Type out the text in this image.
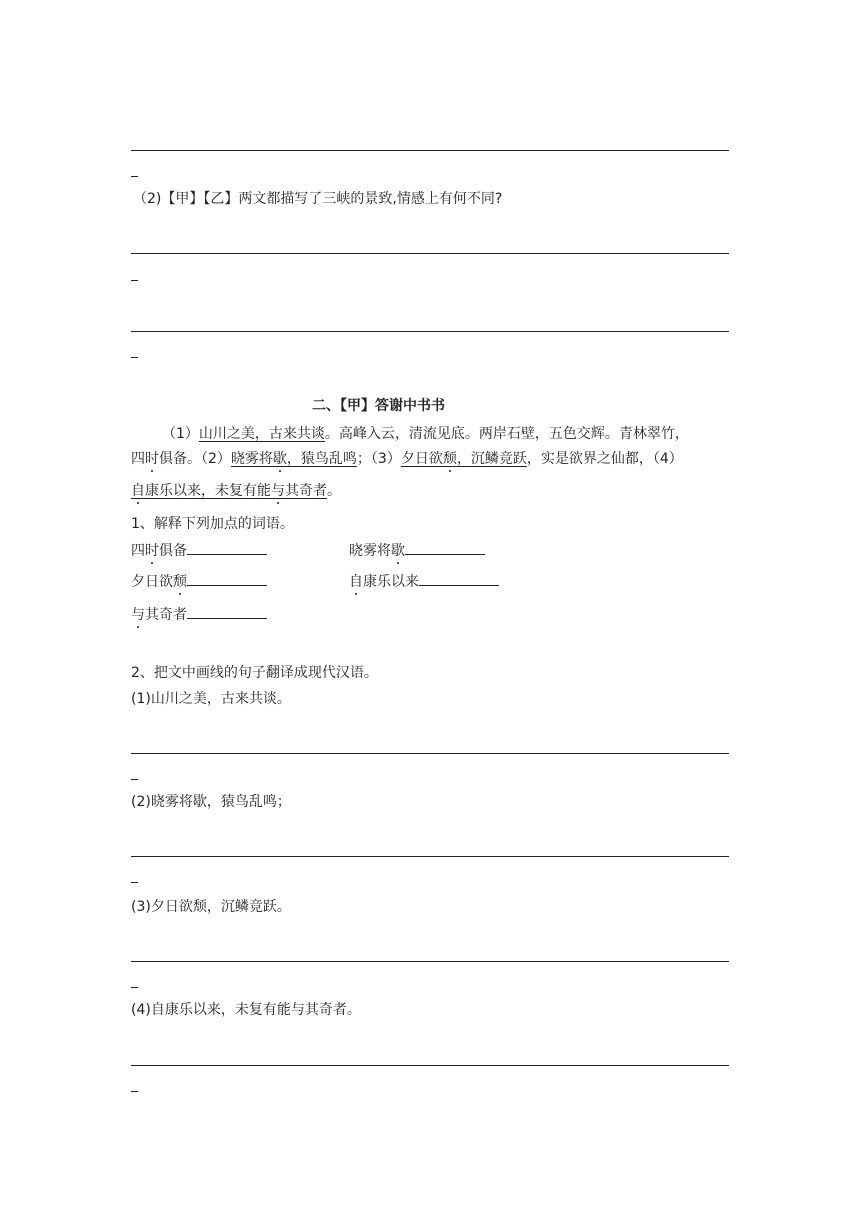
（2)【甲】【乙】两文都描写了三峡的景致,情感上有何不同?
二、【甲】答谢中书书
（1）山川之美，古来共谈。高峰入云，清流见底。两岸石壁，五色交辉。青林翠竹，
四时俱备。（2）晓雾将歇，猿鸟乱鸣；（3）夕日欲颓，沉鳞竞跃，实是欲界之仙都，（4）
自康乐以来，未复有能与其奇者。
1、解释下列加点的词语。
四时俱备	晓雾将歇
夕日欲颓	自康乐以来
与其奇者
2、把文中画线的句子翻译成现代汉语。
(1)山川之美，古来共谈。
(2)晓雾将歇，猿鸟乱鸣；
(3)夕日欲颓，沉鳞竞跃。
(4)自康乐以来，未复有能与其奇者。
